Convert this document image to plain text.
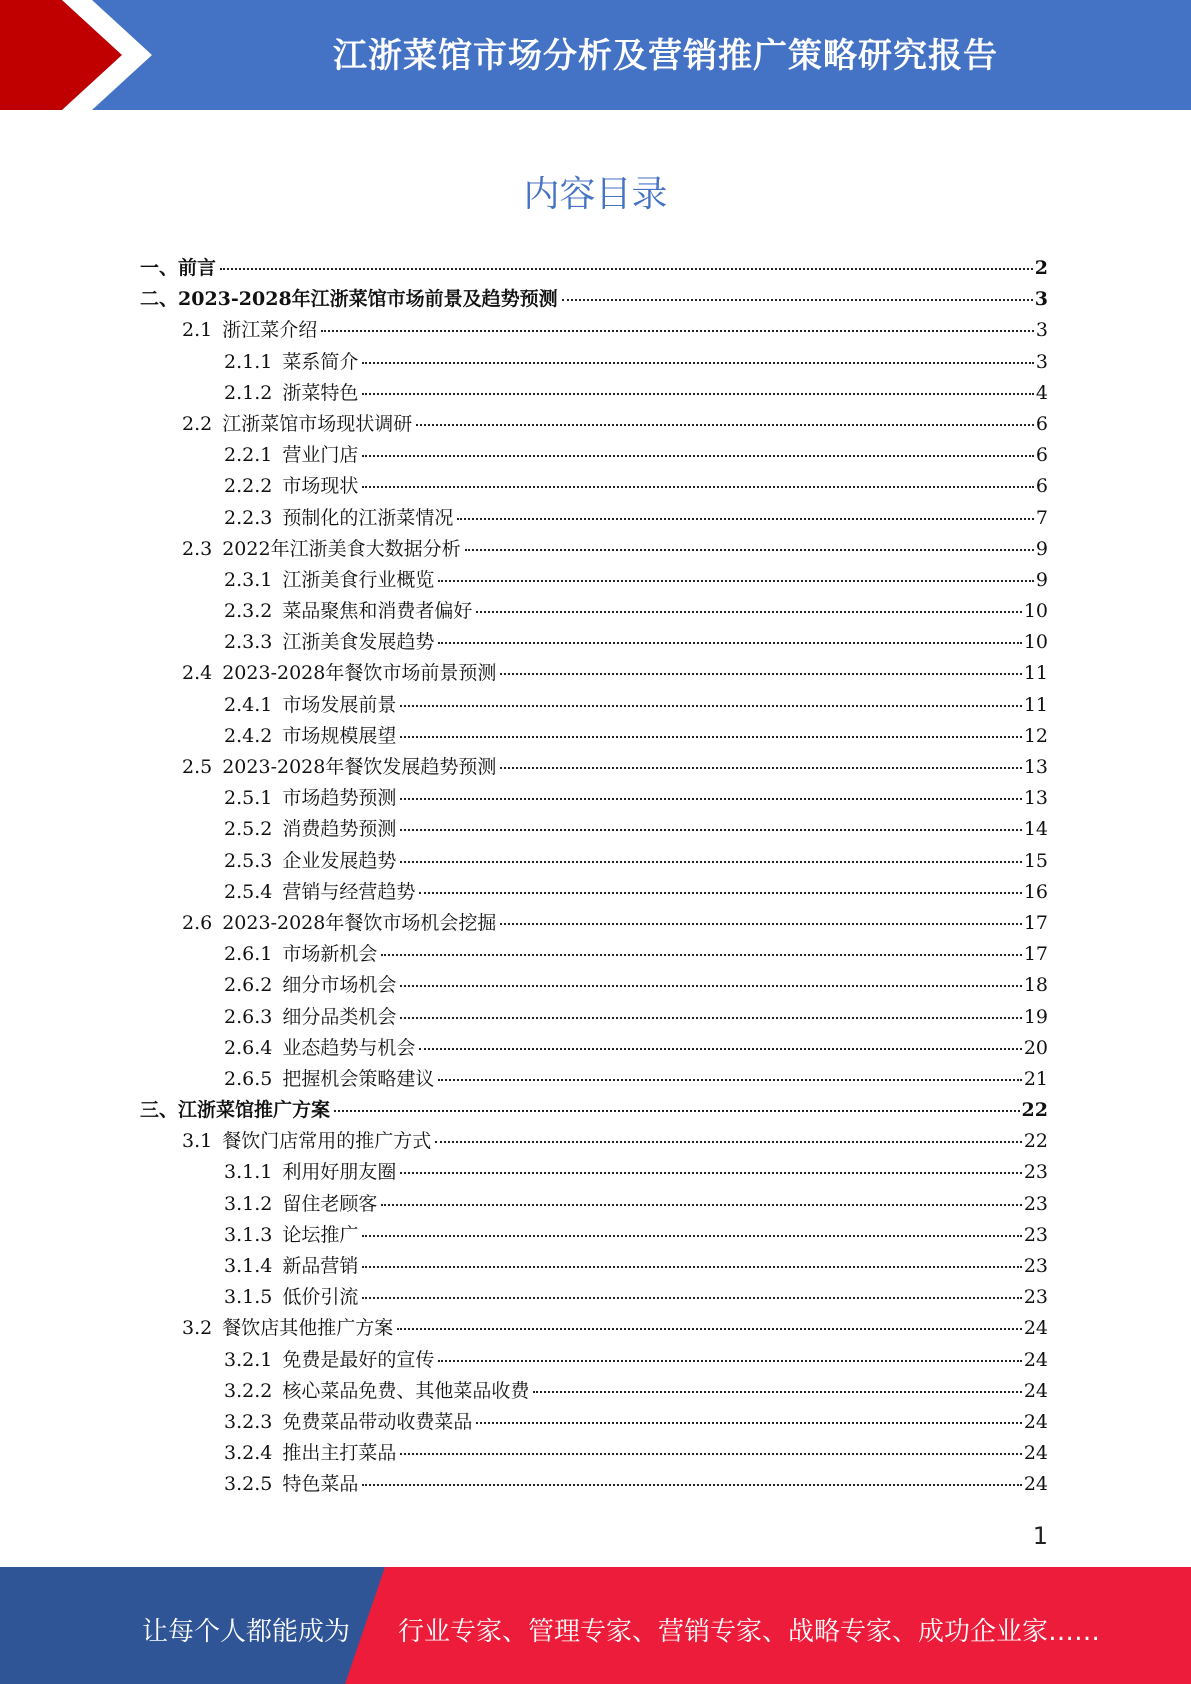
江浙菜馆市场分析及营销推广策略研究报告
内容目录
一、 前言	2
二、 2023-2028年江浙菜馆市场前景及趋势预测	3
2.1 浙江菜介绍	3
2.1.1 菜系简介	3
2.1.2 浙菜特色	4
2.2 江浙菜馆市场现状调研	6
2.2.1 营业门店	6
2.2.2 市场现状	6
2.2.3 预制化的江浙菜情况	7
2.3 2022年江浙美食大数据分析	9
2.3.1 江浙美食行业概览	9
2.3.2 菜品聚焦和消费者偏好	10
2.3.3 江浙美食发展趋势	10
2.4 2023-2028年餐饮市场前景预测	11
2.4.1 市场发展前景	11
2.4.2 市场规模展望	12
2.5 2023-2028年餐饮发展趋势预测	13
2.5.1 市场趋势预测	13
2.5.2 消费趋势预测	14
2.5.3 企业发展趋势	15
2.5.4 营销与经营趋势	16
2.6 2023-2028年餐饮市场机会挖掘	17
2.6.1 市场新机会	17
2.6.2 细分市场机会	18
2.6.3 细分品类机会	19
2.6.4 业态趋势与机会	20
2.6.5 把握机会策略建议	21
三、 江浙菜馆推广方案	22
3.1 餐饮门店常用的推广方式	22
3.1.1 利用好朋友圈	23
3.1.2 留住老顾客	23
3.1.3 论坛推广	23
3.1.4 新品营销	23
3.1.5 低价引流	23
3.2 餐饮店其他推广方案	24
3.2.1 免费是最好的宣传	24
3.2.2 核心菜品免费、其他菜品收费	24
3.2.3 免费菜品带动收费菜品	24
3.2.4 推出主打菜品	24
3.2.5 特色菜品	24
1
让每个人都能成为 行业专家、管理专家、营销专家、战略专家、成功企业家……
